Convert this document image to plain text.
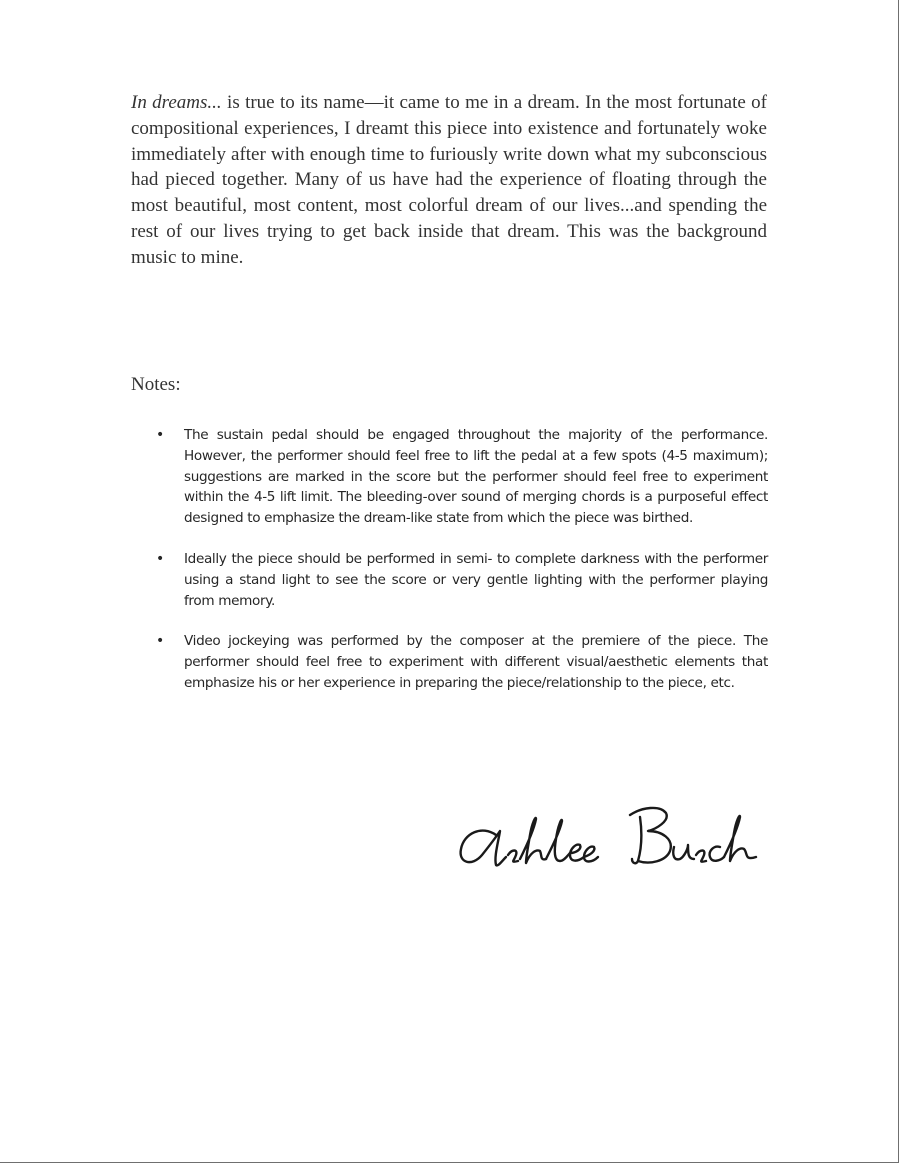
In dreams... is true to its name—it came to me in a dream. In the most fortunate of compositional experiences, I dreamt this piece into existence and fortunately woke immediately after with enough time to furiously write down what my subconscious had pieced together. Many of us have had the experience of floating through the most beautiful, most content, most colorful dream of our lives...and spending the rest of our lives trying to get back inside that dream. This was the background music to mine.

Notes:

• The sustain pedal should be engaged throughout the majority of the performance. However, the performer should feel free to lift the pedal at a few spots (4-5 maximum); suggestions are marked in the score but the performer should feel free to experiment within the 4-5 lift limit. The bleeding-over sound of merging chords is a purposeful effect designed to emphasize the dream-like state from which the piece was birthed.
• Ideally the piece should be performed in semi- to complete darkness with the performer using a stand light to see the score or very gentle lighting with the performer playing from memory.
• Video jockeying was performed by the composer at the premiere of the piece. The performer should feel free to experiment with different visual/aesthetic elements that emphasize his or her experience in preparing the piece/relationship to the piece, etc.
